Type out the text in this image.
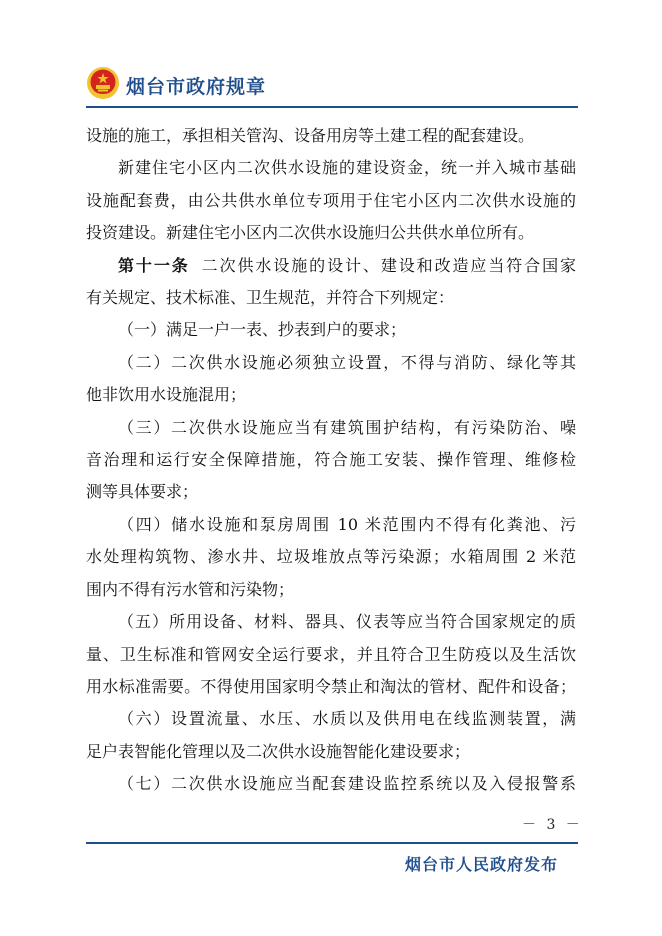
烟台市政府规章

设施的施工，承担相关管沟、设备用房等土建工程的配套建设。

新建住宅小区内二次供水设施的建设资金，统一并入城市基础

设施配套费，由公共供水单位专项用于住宅小区内二次供水设施的

投资建设。新建住宅小区内二次供水设施归公共供水单位所有。

第十一条 二次供水设施的设计、建设和改造应当符合国家

有关规定、技术标准、卫生规范，并符合下列规定：

（一）满足一户一表、抄表到户的要求；

（二）二次供水设施必须独立设置，不得与消防、绿化等其

他非饮用水设施混用；

（三）二次供水设施应当有建筑围护结构，有污染防治、噪

音治理和运行安全保障措施，符合施工安装、操作管理、维修检

测等具体要求；

（四）储水设施和泵房周围 10 米范围内不得有化粪池、污

水处理构筑物、渗水井、垃圾堆放点等污染源；水箱周围 2 米范

围内不得有污水管和污染物；

（五）所用设备、材料、器具、仪表等应当符合国家规定的质

量、卫生标准和管网安全运行要求，并且符合卫生防疫以及生活饮

用水标准需要。不得使用国家明令禁止和淘汰的管材、配件和设备；

（六）设置流量、水压、水质以及供用电在线监测装置，满

足户表智能化管理以及二次供水设施智能化建设要求；

（七）二次供水设施应当配套建设监控系统以及入侵报警系

－ 3 －
烟台市人民政府发布
